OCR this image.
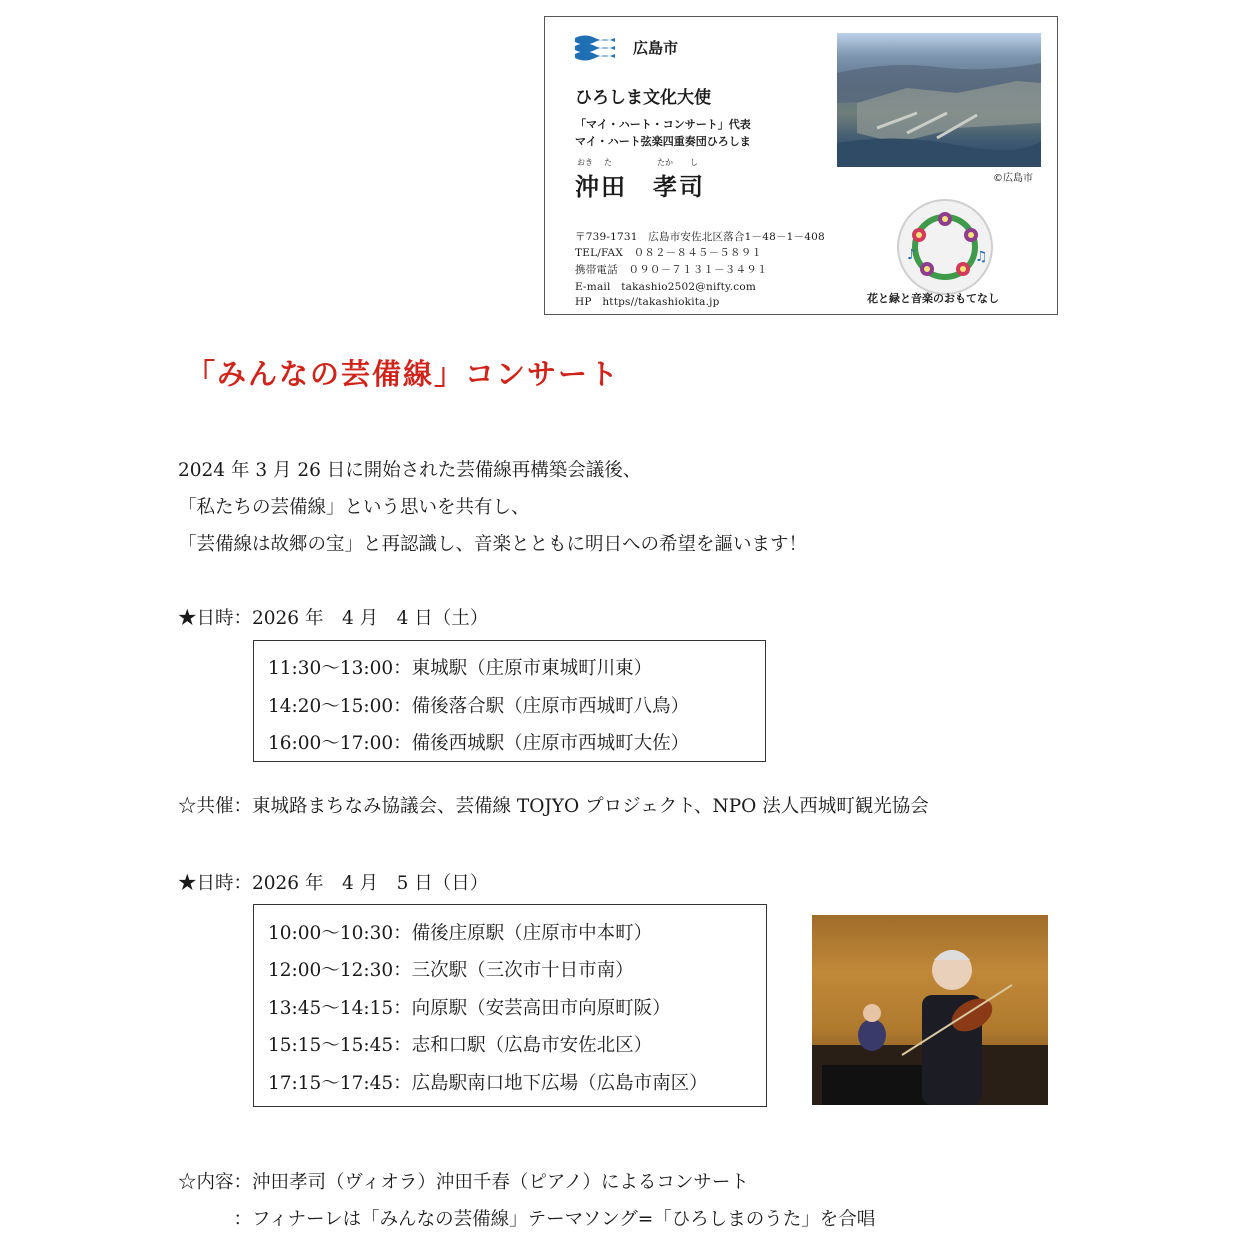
広島市
ひろしま文化大使
「マイ・ハート・コンサート」代表
マイ・ハート弦楽四重奏団ひろしま
おき た	たか し
沖田　孝司	©広島市
〒739-1731　広島市安佐北区落合1－48－1－408
TEL/FAX　０８２－８４５－５８９１
携帯電話　０９０－７１３１－３４９１
E-mail　takashio2502@nifty.com
HP　https//takashiokita.jp
♪	♫
花と緑と音楽のおもてなし
「みんなの芸備線」コンサート
2024 年 3 月 26 日に開始された芸備線再構築会議後、
「私たちの芸備線」という思いを共有し、
「芸備線は故郷の宝」と再認識し、音楽とともに明日への希望を謳います！
★日時：2026 年　4 月　4 日（土）
11:30～13:00：東城駅（庄原市東城町川東）
14:20～15:00：備後落合駅（庄原市西城町八鳥）
16:00～17:00：備後西城駅（庄原市西城町大佐）
☆共催：東城路まちなみ協議会、芸備線 TOJYO プロジェクト、NPO 法人西城町観光協会
★日時：2026 年　4 月　5 日（日）
10:00～10:30：備後庄原駅（庄原市中本町）
12:00～12:30：三次駅（三次市十日市南）
13:45～14:15：向原駅（安芸高田市向原町阪）
15:15～15:45：志和口駅（広島市安佐北区）
17:15～17:45：広島駅南口地下広場（広島市南区）
☆内容：沖田孝司（ヴィオラ）沖田千春（ピアノ）によるコンサート
　　　：フィナーレは「みんなの芸備線」テーマソング=「ひろしまのうた」を合唱
